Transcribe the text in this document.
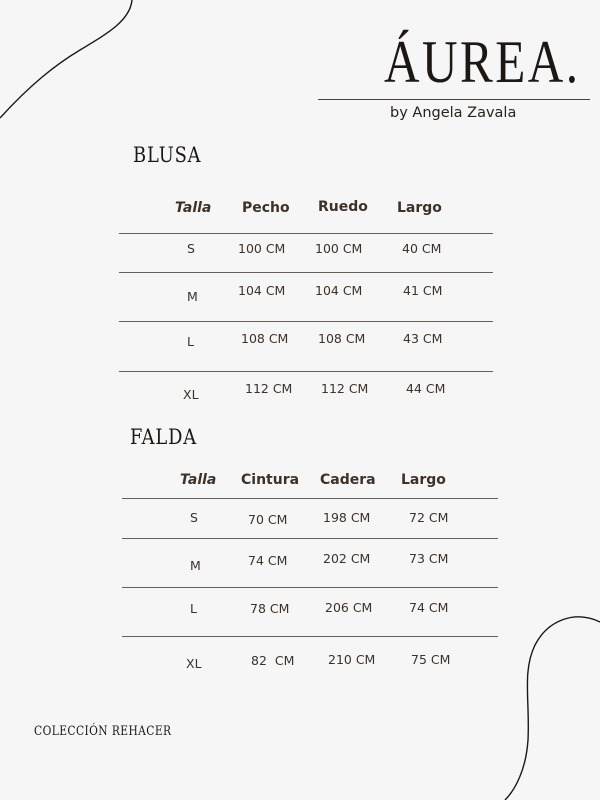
ÁUREA.
by Angela Zavala
BLUSA
Talla Pecho Ruedo Largo
S	100 CM 100 CM	40 CM
M	104 CM 104 CM	41 CM
L	108 CM 108 CM	43 CM
XL	112 CM 112 CM	44 CM
FALDA
Talla Cintura Cadera Largo
S	70 CM	198 CM	72 CM
M	74 CM	202 CM	73 CM
L	78 CM	206 CM	74 CM
XL	82  CM	210 CM	75 CM
COLECCIÓN REHACER
